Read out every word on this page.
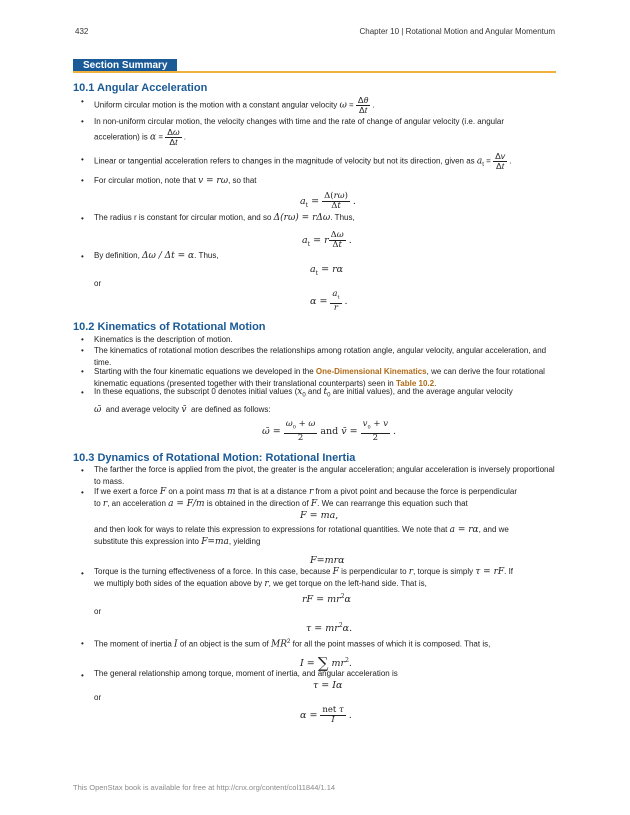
432	Chapter 10 | Rotational Motion and Angular Momentum
Section Summary
10.1 Angular Acceleration
• Uniform circular motion is the motion with a constant angular velocity $\omega = \frac{\Delta\theta}{\Delta t}$ .
• In non-uniform circular motion, the velocity changes with time and the rate of change of angular velocity (i.e. angular
acceleration) is $\alpha = \frac{\Delta\omega}{\Delta t}$ .
• Linear or tangential acceleration refers to changes in the magnitude of velocity but not its direction, given as $a_t = \frac{\Delta v}{\Delta t}$ .
• For circular motion, note that v = rω, so that
$a_t = \frac{\Delta(r\omega)}{\Delta t}$ .
• The radius r is constant for circular motion, and so Δ(rω) = rΔω. Thus,
$a_t = r \frac{\Delta\omega}{\Delta t}$ .
• By definition, Δω / Δt = α. Thus,
$a_t = r\alpha$
or
$\alpha = \frac{a_t}{r}$ .
10.2 Kinematics of Rotational Motion
• Kinematics is the description of motion.
• The kinematics of rotational motion describes the relationships among rotation angle, angular velocity, angular acceleration, and time.
• Starting with the four kinematic equations we developed in the One-Dimensional Kinematics, we can derive the four rotational kinematic equations (presented together with their translational counterparts) seen in Table 10.2.
• In these equations, the subscript 0 denotes initial values ($x_0$ and $t_0$ are initial values), and the average angular velocity
ω̄ and average velocity v̄ are defined as follows:
ω̄ = $\frac{\omega_0 + \omega}{2}$ and v̄ = $\frac{v_0 + v}{2}$ .
10.3 Dynamics of Rotational Motion: Rotational Inertia
• The farther the force is applied from the pivot, the greater is the angular acceleration; angular acceleration is inversely proportional to mass.
• If we exert a force F on a point mass m that is at a distance r from a pivot point and because the force is perpendicular
to r, an acceleration a = F/m is obtained in the direction of F. We can rearrange this equation such that
F = ma,
and then look for ways to relate this expression to expressions for rotational quantities. We note that a = rα, and we
substitute this expression into F=ma, yielding
F=mrα
• Torque is the turning effectiveness of a force. In this case, because F is perpendicular to r, torque is simply τ = rF. If
we multiply both sides of the equation above by r, we get torque on the left-hand side. That is,
rF = $mr^2\alpha$
or
$\tau = mr^2\alpha$.
• The moment of inertia I of an object is the sum of $MR^2$ for all the point masses of which it is composed. That is,
I = ∑ $mr^2$.
• The general relationship among torque, moment of inertia, and angular acceleration is
τ = Iα
or
$\alpha = \frac{\text{net τ}}{I}$ .
This OpenStax book is available for free at http://cnx.org/content/col11844/1.14
